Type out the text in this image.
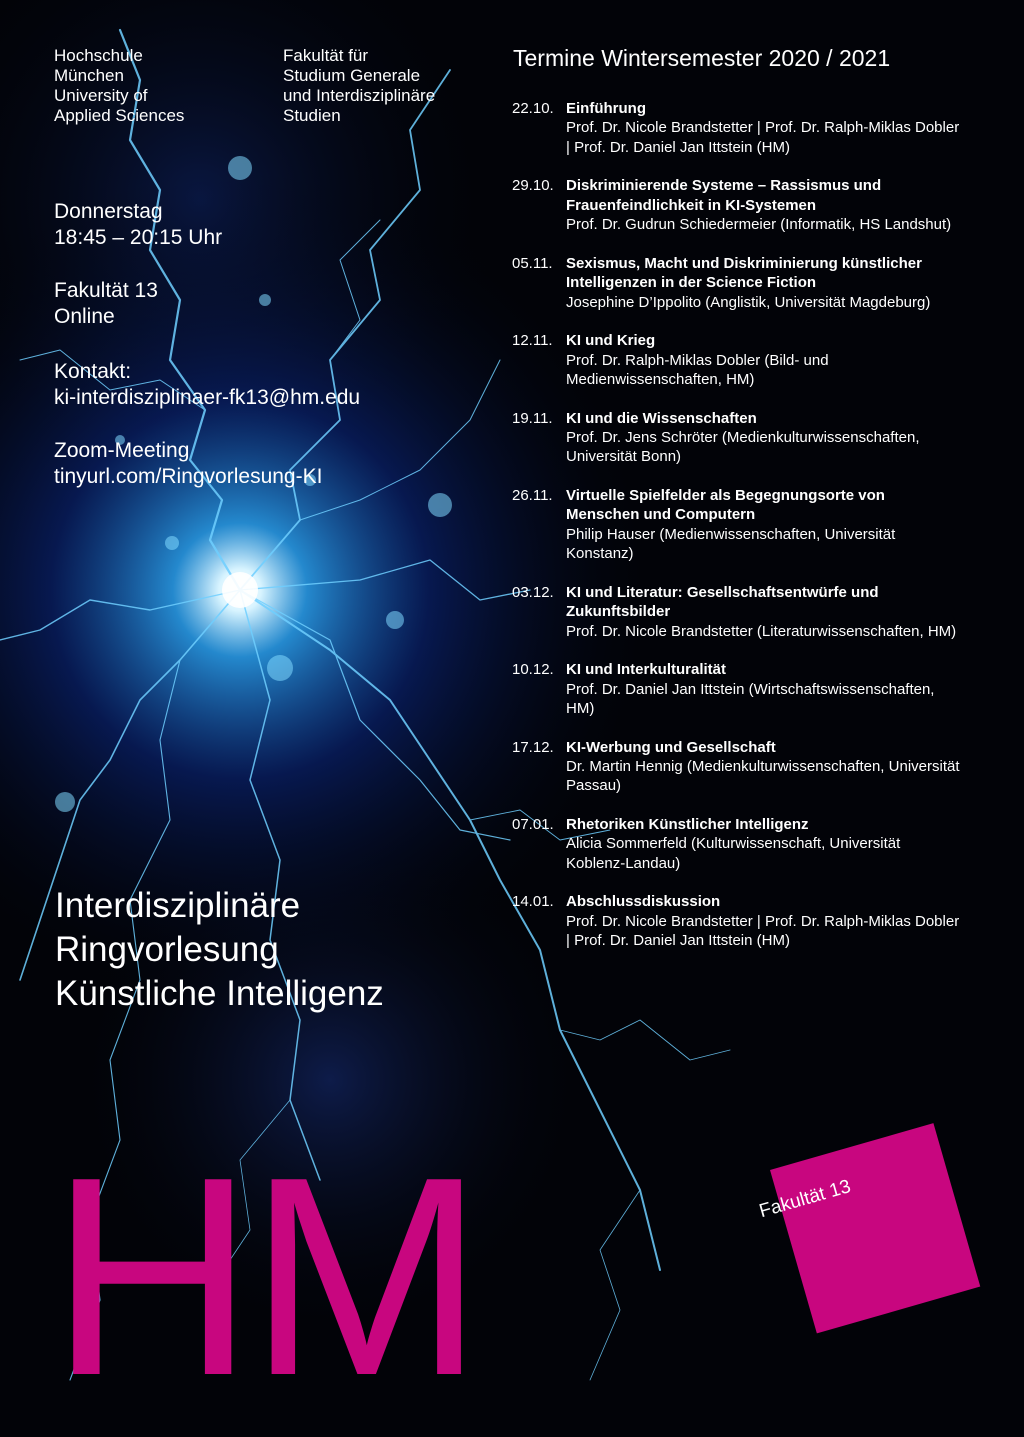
Hochschule
München
University of
Applied Sciences
Fakultät für
Studium Generale
und Interdisziplinäre
Studien
Donnerstag
18:45 – 20:15 Uhr
Fakultät 13
Online
Kontakt:
ki-interdisziplinaer-fk13@hm.edu
Zoom-Meeting
tinyurl.com/Ringvorlesung-KI
Termine Wintersemester 2020 / 2021
22.10. Einführung
Prof. Dr. Nicole Brandstetter | Prof. Dr. Ralph-Miklas Dobler | Prof. Dr. Daniel Jan Ittstein (HM)
29.10. Diskriminierende Systeme – Rassismus und Frauenfeindlichkeit in KI-Systemen
Prof. Dr. Gudrun Schiedermeier (Informatik, HS Landshut)
05.11. Sexismus, Macht und Diskriminierung künstlicher Intelligenzen in der Science Fiction
Josephine D’Ippolito (Anglistik, Universität Magdeburg)
12.11. KI und Krieg
Prof. Dr. Ralph-Miklas Dobler (Bild- und Medienwissenschaften, HM)
19.11. KI und die Wissenschaften
Prof. Dr. Jens Schröter (Medienkulturwissenschaften, Universität Bonn)
26.11. Virtuelle Spielfelder als Begegnungsorte von Menschen und Computern
Philip Hauser (Medienwissenschaften, Universität Konstanz)
03.12. KI und Literatur: Gesellschaftsentwürfe und Zukunftsbilder
Prof. Dr. Nicole Brandstetter (Literaturwissenschaften, HM)
10.12. KI und Interkulturalität
Prof. Dr. Daniel Jan Ittstein (Wirtschaftswissenschaften, HM)
17.12. KI-Werbung und Gesellschaft
Dr. Martin Hennig (Medienkulturwissenschaften, Universität Passau)
07.01. Rhetoriken Künstlicher Intelligenz
Alicia Sommerfeld (Kulturwissenschaft, Universität Koblenz-Landau)
14.01. Abschlussdiskussion
Prof. Dr. Nicole Brandstetter | Prof. Dr. Ralph-Miklas Dobler | Prof. Dr. Daniel Jan Ittstein (HM)
Interdisziplinäre
Ringvorlesung
Künstliche Intelligenz
HM	Fakultät 13
